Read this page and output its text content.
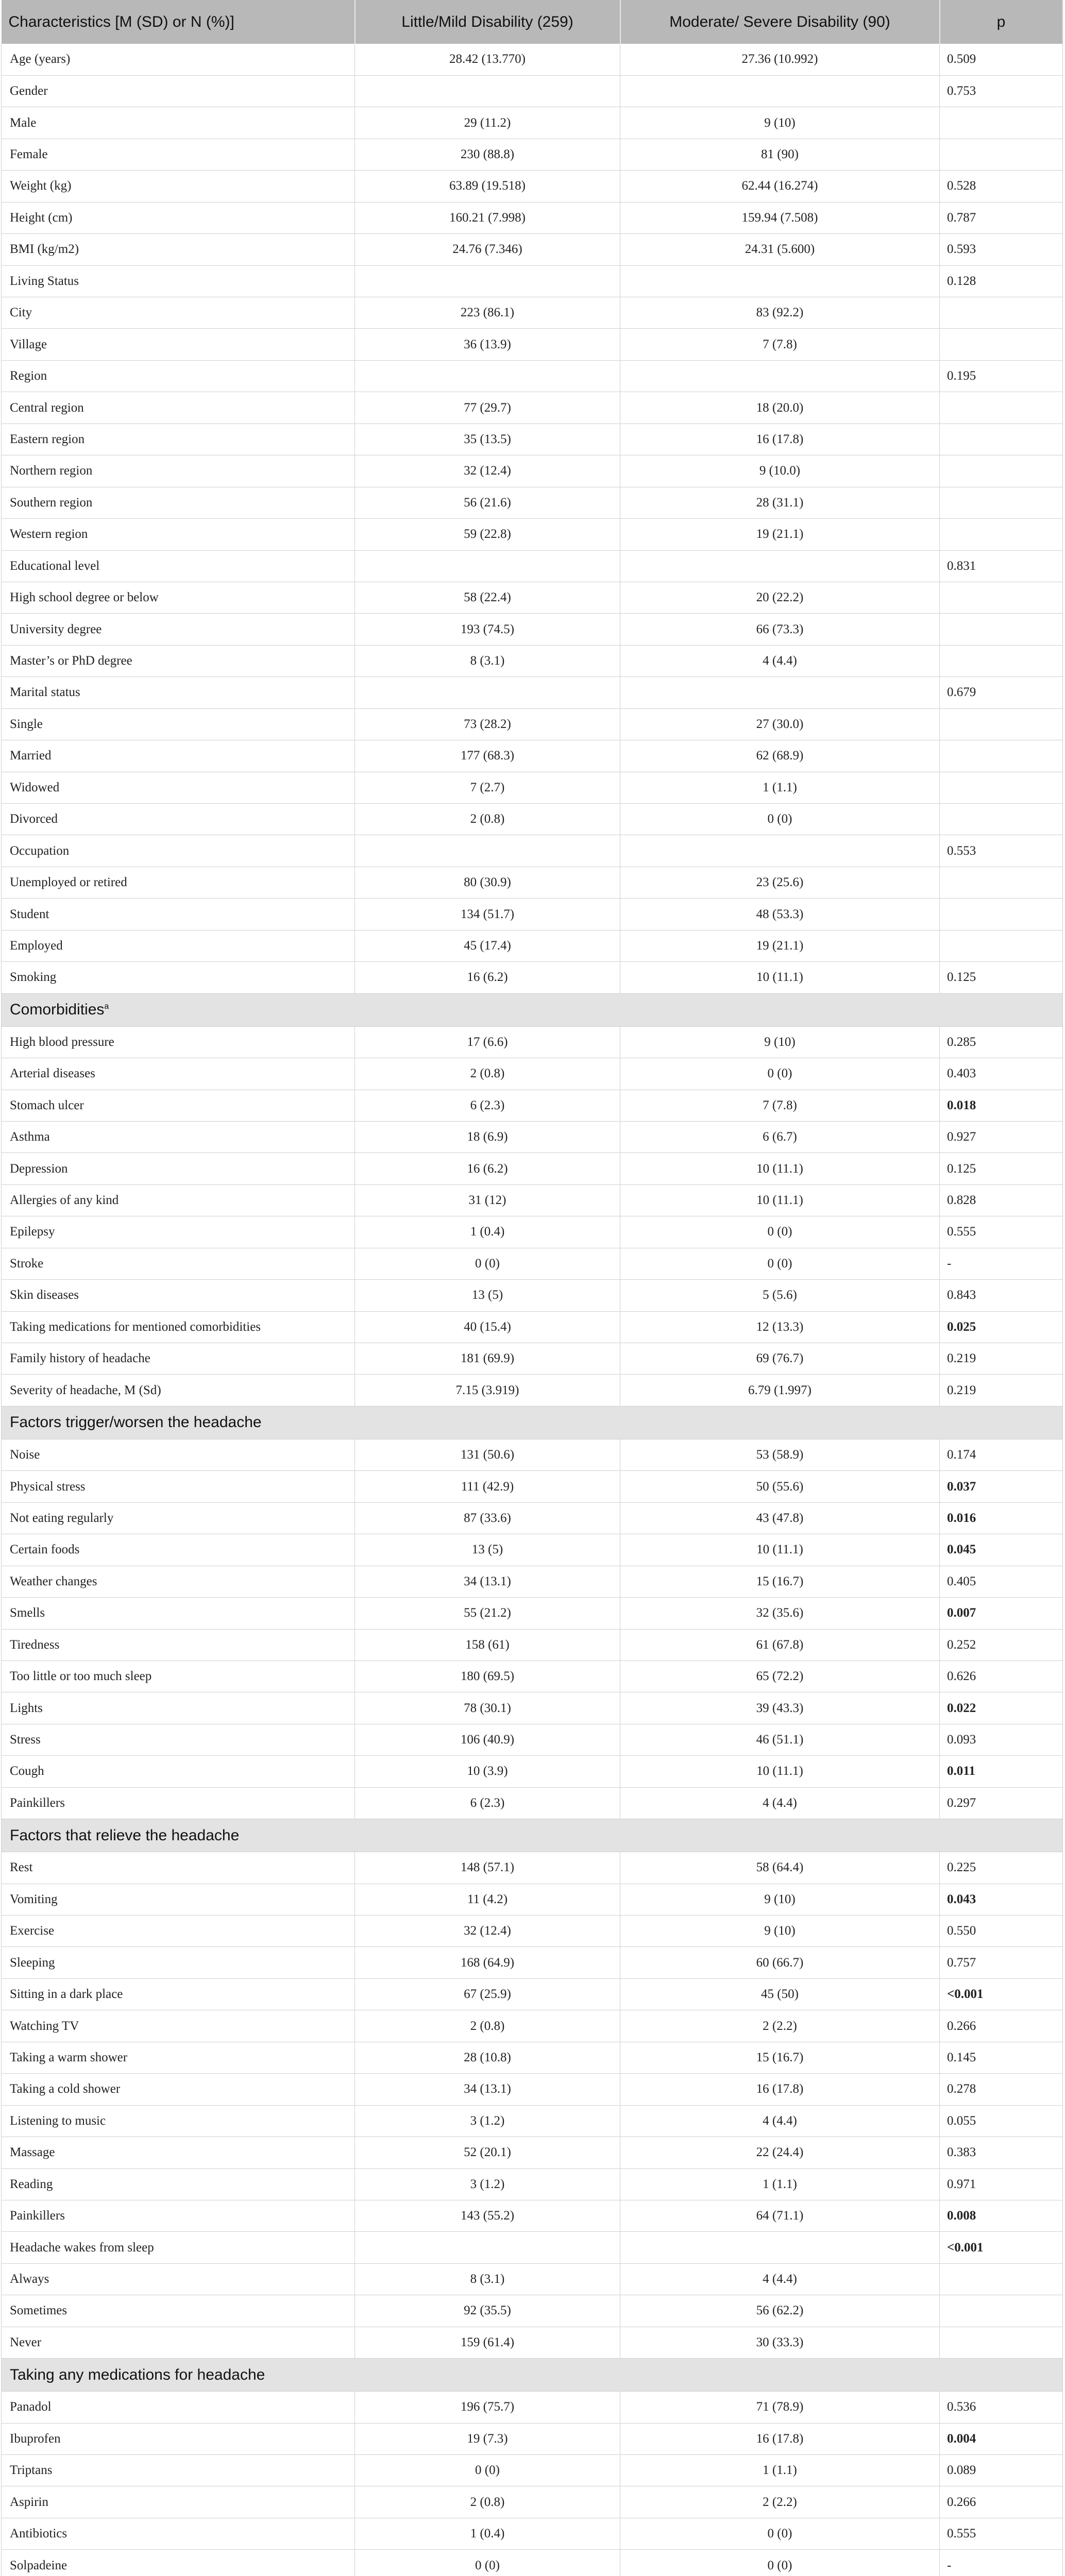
Characteristics [M (SD) or N (%)]	Little/Mild Disability (259)	Moderate/ Severe Disability (90)	p
Age (years)	28.42 (13.770)	27.36 (10.992)	0.509
Gender			0.753
Male	29 (11.2)	9 (10)	
Female	230 (88.8)	81 (90)	
Weight (kg)	63.89 (19.518)	62.44 (16.274)	0.528
Height (cm)	160.21 (7.998)	159.94 (7.508)	0.787
BMI (kg/m2)	24.76 (7.346)	24.31 (5.600)	0.593
Living Status			0.128
City	223 (86.1)	83 (92.2)	
Village	36 (13.9)	7 (7.8)	
Region			0.195
Central region	77 (29.7)	18 (20.0)	
Eastern region	35 (13.5)	16 (17.8)	
Northern region	32 (12.4)	9 (10.0)	
Southern region	56 (21.6)	28 (31.1)	
Western region	59 (22.8)	19 (21.1)	
Educational level			0.831
High school degree or below	58 (22.4)	20 (22.2)	
University degree	193 (74.5)	66 (73.3)	
Master’s or PhD degree	8 (3.1)	4 (4.4)	
Marital status			0.679
Single	73 (28.2)	27 (30.0)	
Married	177 (68.3)	62 (68.9)	
Widowed	7 (2.7)	1 (1.1)	
Divorced	2 (0.8)	0 (0)	
Occupation			0.553
Unemployed or retired	80 (30.9)	23 (25.6)	
Student	134 (51.7)	48 (53.3)	
Employed	45 (17.4)	19 (21.1)	
Smoking	16 (6.2)	10 (11.1)	0.125
Comorbidities$^a$
High blood pressure	17 (6.6)	9 (10)	0.285
Arterial diseases	2 (0.8)	0 (0)	0.403
Stomach ulcer	6 (2.3)	7 (7.8)	0.018
Asthma	18 (6.9)	6 (6.7)	0.927
Depression	16 (6.2)	10 (11.1)	0.125
Allergies of any kind	31 (12)	10 (11.1)	0.828
Epilepsy	1 (0.4)	0 (0)	0.555
Stroke	0 (0)	0 (0)	-
Skin diseases	13 (5)	5 (5.6)	0.843
Taking medications for mentioned comorbidities	40 (15.4)	12 (13.3)	0.025
Family history of headache	181 (69.9)	69 (76.7)	0.219
Severity of headache, M (Sd)	7.15 (3.919)	6.79 (1.997)	0.219
Factors trigger/worsen the headache			
Noise	131 (50.6)	53 (58.9)	0.174
Physical stress	111 (42.9)	50 (55.6)	0.037
Not eating regularly	87 (33.6)	43 (47.8)	0.016
Certain foods	13 (5)	10 (11.1)	0.045
Weather changes	34 (13.1)	15 (16.7)	0.405
Smells	55 (21.2)	32 (35.6)	0.007
Tiredness	158 (61)	61 (67.8)	0.252
Too little or too much sleep	180 (69.5)	65 (72.2)	0.626
Lights	78 (30.1)	39 (43.3)	0.022
Stress	106 (40.9)	46 (51.1)	0.093
Cough	10 (3.9)	10 (11.1)	0.011
Painkillers	6 (2.3)	4 (4.4)	0.297
Factors that relieve the headache			
Rest	148 (57.1)	58 (64.4)	0.225
Vomiting	11 (4.2)	9 (10)	0.043
Exercise	32 (12.4)	9 (10)	0.550
Sleeping	168 (64.9)	60 (66.7)	0.757
Sitting in a dark place	67 (25.9)	45 (50)	<0.001
Watching TV	2 (0.8)	2 (2.2)	0.266
Taking a warm shower	28 (10.8)	15 (16.7)	0.145
Taking a cold shower	34 (13.1)	16 (17.8)	0.278
Listening to music	3 (1.2)	4 (4.4)	0.055
Massage	52 (20.1)	22 (24.4)	0.383
Reading	3 (1.2)	1 (1.1)	0.971
Painkillers	143 (55.2)	64 (71.1)	0.008
Headache wakes from sleep			<0.001
Always	8 (3.1)	4 (4.4)	
Sometimes	92 (35.5)	56 (62.2)	
Never	159 (61.4)	30 (33.3)	
Taking any medications for headache			
Panadol	196 (75.7)	71 (78.9)	0.536
Ibuprofen	19 (7.3)	16 (17.8)	0.004
Triptans	0 (0)	1 (1.1)	0.089
Aspirin	2 (0.8)	2 (2.2)	0.266
Antibiotics	1 (0.4)	0 (0)	0.555
Solpadeine	0 (0)	0 (0)	-
